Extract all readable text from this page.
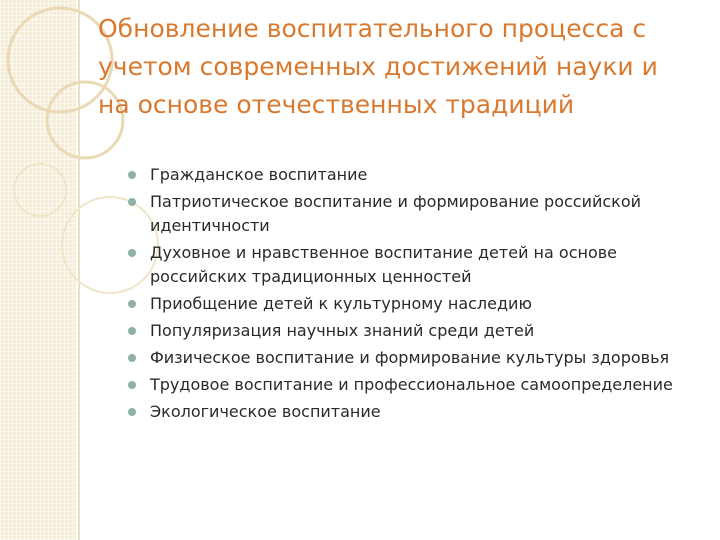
Обновление воспитательного процесса с
учетом современных достижений науки и
на основе отечественных традиций
Гражданское воспитание
Патриотическое воспитание и формирование российской идентичности
Духовное и нравственное воспитание детей на основе российских традиционных ценностей
Приобщение детей к культурному наследию
Популяризация научных знаний среди детей
Физическое воспитание и формирование культуры здоровья
Трудовое воспитание и профессиональное самоопределение
Экологическое воспитание
